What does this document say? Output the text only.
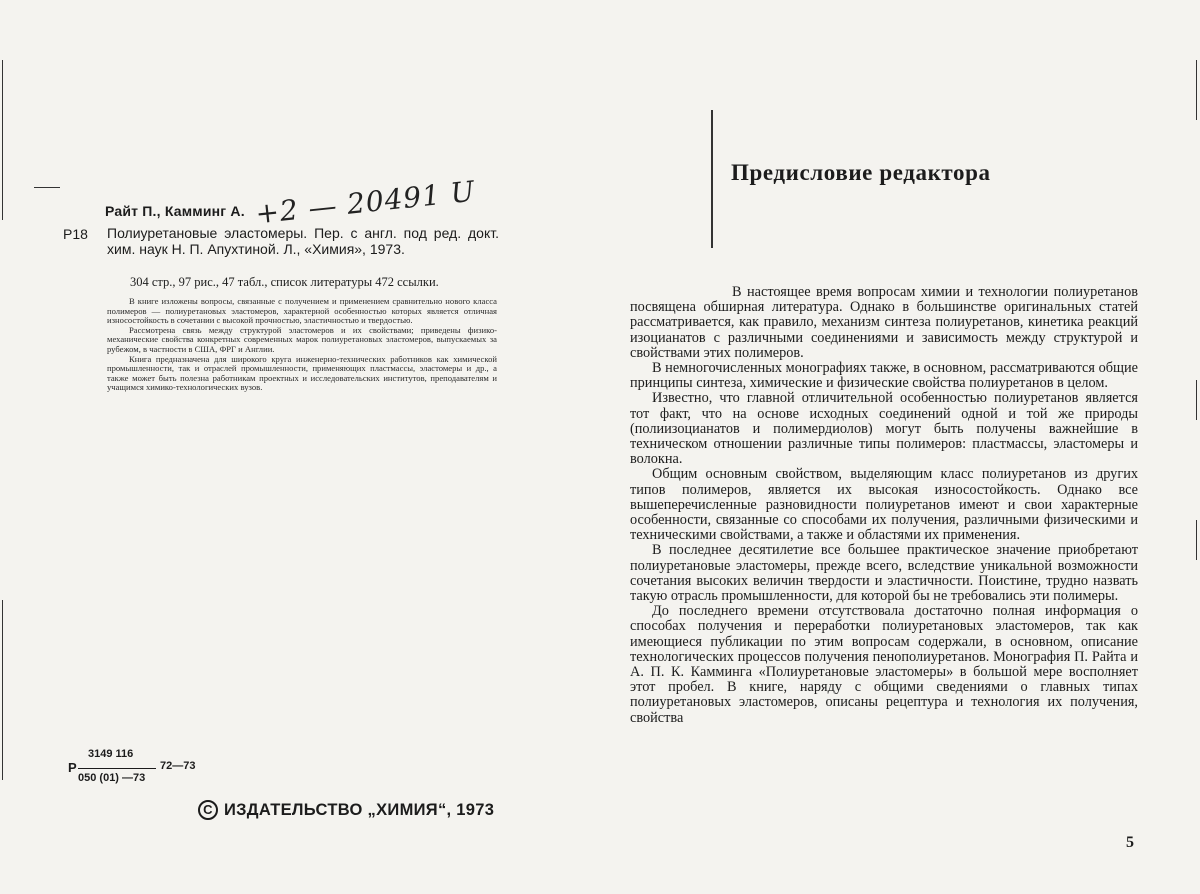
Райт П., Камминг А. +2 — 20491 U
Р18 Полиуретановые эластомеры. Пер. с англ. под ред. докт. хим. наук Н. П. Апухтиной. Л., «Химия», 1973.
304 стр., 97 рис., 47 табл., список литературы 472 ссылки.

В книге изложены вопросы, связанные с получением и применением сравнительно нового класса полимеров — полиуретановых эластомеров, характерной особенностью которых является отличная износостойкость в сочетании с высокой прочностью, эластичностью и твердостью.

Рассмотрена связь между структурой эластомеров и их свойствами; приведены физико-механические свойства конкретных современных марок полиуретановых эластомеров, выпускаемых за рубежом, в частности в США, ФРГ и Англии.

Книга предназначена для широкого круга инженерно-технических работников как химической промышленности, так и отраслей промышленности, применяющих пластмассы, эластомеры и др., а также может быть полезна работникам проектных и исследовательских институтов, преподавателям и учащимся химико-технологических вузов.

Р
3149 116
050 (01) —73
72—73
C ИЗДАТЕЛЬСТВО „ХИМИЯ“, 1973
Предисловие редактора

В настоящее время вопросам химии и технологии полиуретанов посвящена обширная литература. Однако в большинстве оригинальных статей рассматривается, как правило, механизм синтеза полиуретанов, кинетика реакций изоцианатов с различными соединениями и зависимость между структурой и свойствами этих полимеров.

В немногочисленных монографиях также, в основном, рассматриваются общие принципы синтеза, химические и физические свойства полиуретанов в целом.

Известно, что главной отличительной особенностью полиуретанов является тот факт, что на основе исходных соединений одной и той же природы (полиизоцианатов и полимердиолов) могут быть получены важнейшие в техническом отношении различные типы полимеров: пластмассы, эластомеры и волокна.

Общим основным свойством, выделяющим класс полиуретанов из других типов полимеров, является их высокая износостойкость. Однако все вышеперечисленные разновидности полиуретанов имеют и свои характерные особенности, связанные со способами их получения, различными физическими и техническими свойствами, а также и областями их применения.

В последнее десятилетие все большее практическое значение приобретают полиуретановые эластомеры, прежде всего, вследствие уникальной возможности сочетания высоких величин твердости и эластичности. Поистине, трудно назвать такую отрасль промышленности, для которой бы не требовались эти полимеры.

До последнего времени отсутствовала достаточно полная информация о способах получения и переработки полиуретановых эластомеров, так как имеющиеся публикации по этим вопросам содержали, в основном, описание технологических процессов получения пенополиуретанов. Монография П. Райта и А. П. К. Камминга «Полиуретановые эластомеры» в большой мере восполняет этот пробел. В книге, наряду с общими сведениями о главных типах полиуретановых эластомеров, описаны рецептура и технология их получения, свойства

5
